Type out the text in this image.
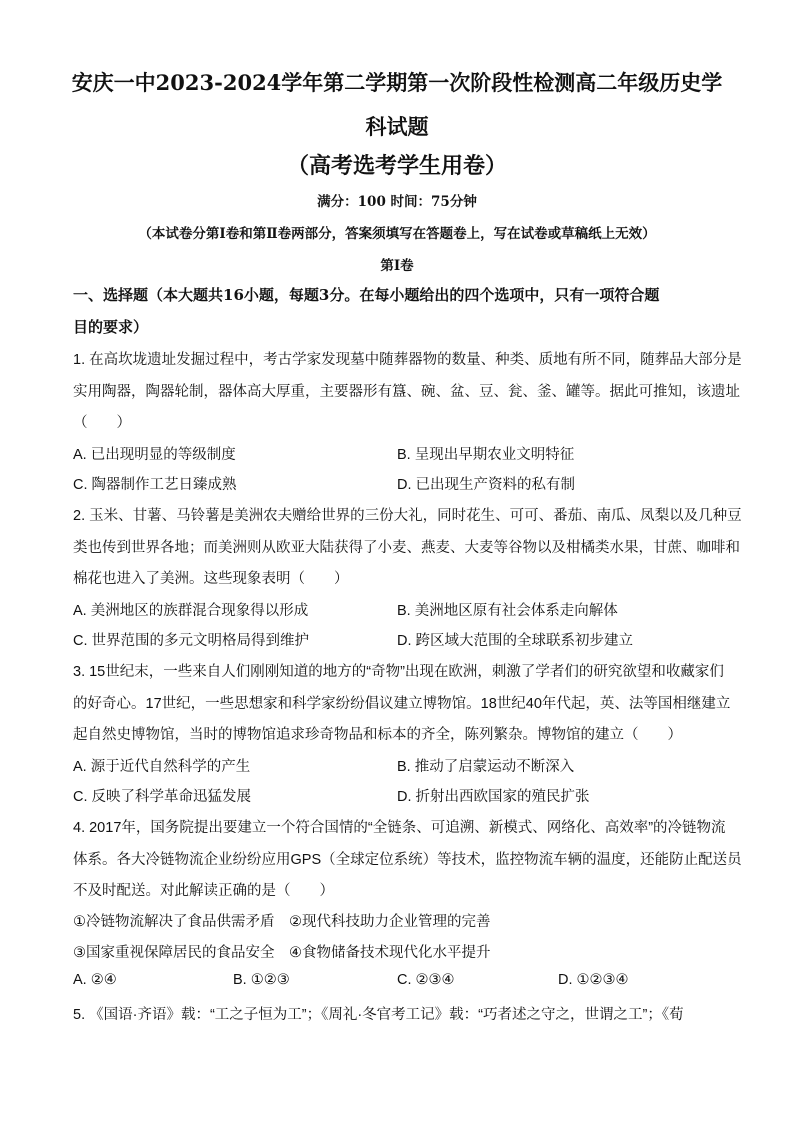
安庆一中2023-2024学年第二学期第一次阶段性检测高二年级历史学
科试题
（高考选考学生用卷）
满分：100 时间：75分钟
（本试卷分第Ⅰ卷和第Ⅱ卷两部分，答案须填写在答题卷上，写在试卷或草稿纸上无效）
第Ⅰ卷
一、选择题（本大题共16小题，每题3分。在每小题给出的四个选项中，只有一项符合题
目的要求）
1. 在高坎垅遗址发掘过程中，考古学家发现墓中随葬器物的数量、种类、质地有所不同，随葬品大部分是
实用陶器，陶器轮制，器体高大厚重，主要器形有簋、碗、盆、豆、瓮、釜、罐等。据此可推知，该遗址
（　　）
A. 已出现明显的等级制度	B. 呈现出早期农业文明特征
C. 陶器制作工艺日臻成熟	D. 已出现生产资料的私有制
2. 玉米、甘薯、马铃薯是美洲农夫赠给世界的三份大礼，同时花生、可可、番茄、南瓜、凤梨以及几种豆
类也传到世界各地；而美洲则从欧亚大陆获得了小麦、燕麦、大麦等谷物以及柑橘类水果，甘蔗、咖啡和
棉花也进入了美洲。这些现象表明（　　）
A. 美洲地区的族群混合现象得以形成	B. 美洲地区原有社会体系走向解体
C. 世界范围的多元文明格局得到维护	D. 跨区域大范围的全球联系初步建立
3. 15世纪末，一些来自人们刚刚知道的地方的“奇物”出现在欧洲，刺激了学者们的研究欲望和收藏家们
的好奇心。17世纪，一些思想家和科学家纷纷倡议建立博物馆。18世纪40年代起，英、法等国相继建立
起自然史博物馆，当时的博物馆追求珍奇物品和标本的齐全，陈列繁杂。博物馆的建立（　　）
A. 源于近代自然科学的产生	B. 推动了启蒙运动不断深入
C. 反映了科学革命迅猛发展	D. 折射出西欧国家的殖民扩张
4. 2017年，国务院提出要建立一个符合国情的“全链条、可追溯、新模式、网络化、高效率”的冷链物流
体系。各大冷链物流企业纷纷应用GPS（全球定位系统）等技术，监控物流车辆的温度，还能防止配送员
不及时配送。对此解读正确的是（　　）
①冷链物流解决了食品供需矛盾　②现代科技助力企业管理的完善
③国家重视保障居民的食品安全　④食物储备技术现代化水平提升
A. ②④	B. ①②③	C. ②③④	D. ①②③④
5. 《国语·齐语》载：“工之子恒为工”；《周礼·冬官考工记》载：“巧者述之守之，世谓之工”；《荀
